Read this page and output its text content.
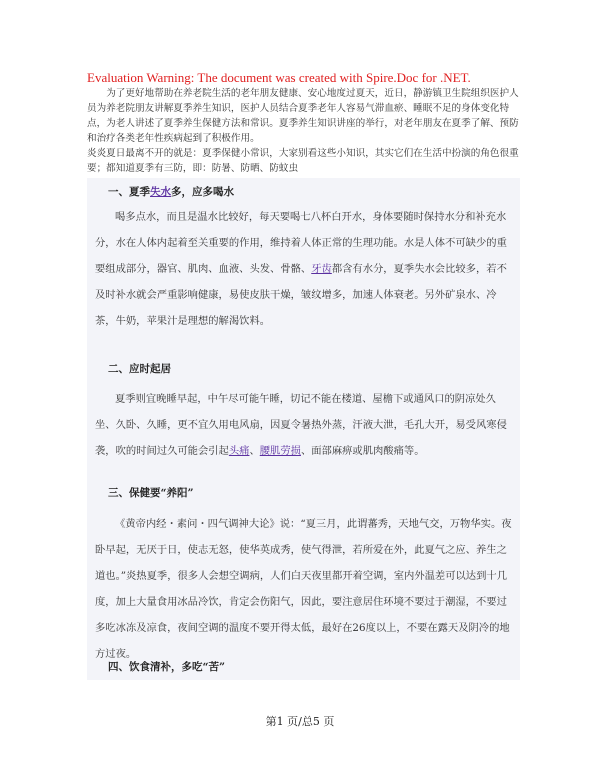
Evaluation Warning: The document was created with Spire.Doc for .NET.

为了更好地帮助在养老院生活的老年朋友健康、安心地度过夏天，近日，静游镇卫生院组织医护人员为养老院朋友讲解夏季养生知识，医护人员结合夏季老年人容易气滞血瘀、睡眠不足的身体变化特点，为老人讲述了夏季养生保健方法和常识。夏季养生知识讲座的举行，对老年朋友在夏季了解、预防和治疗各类老年性疾病起到了积极作用。

炎炎夏日最离不开的就是：夏季保健小常识，大家别看这些小知识，其实它们在生活中扮演的角色很重要；都知道夏季有三防，即：防暑、防晒、防蚊虫

一、夏季失水多，应多喝水

喝多点水，而且是温水比较好，每天要喝七八杯白开水，身体要随时保持水分和补充水分，水在人体内起着至关重要的作用，维持着人体正常的生理功能。水是人体不可缺少的重要组成部分，器官、肌肉、血液、头发、骨骼、牙齿都含有水分，夏季失水会比较多，若不及时补水就会严重影响健康，易使皮肤干燥，皱纹增多，加速人体衰老。另外矿泉水、冷茶，牛奶，苹果汁是理想的解渴饮料。

二、应时起居

夏季则宜晚睡早起，中午尽可能午睡，切记不能在楼道、屋檐下或通风口的阴凉处久坐、久卧、久睡，更不宜久用电风扇，因夏令暑热外蒸，汗液大泄，毛孔大开，易受风寒侵袭，吹的时间过久可能会引起头痛、腰肌劳损、面部麻痹或肌肉酸痛等。

三、保健要“养阳”

《黄帝内经・素问・四气调神大论》说：“夏三月，此谓蕃秀，天地气交，万物华实。夜卧早起，无厌于日，使志无怒，使华英成秀，使气得泄，若所爱在外，此夏气之应、养生之道也。”炎热夏季，很多人会想空调病，人们白天夜里都开着空调，室内外温差可以达到十几度，加上大量食用冰品冷饮，肯定会伤阳气，因此，要注意居住环境不要过于潮湿，不要过多吃冰冻及凉食，夜间空调的温度不要开得太低，最好在26度以上，不要在露天及阴冷的地方过夜。

四、饮食清补，多吃“苦”
第1 页/总5 页
